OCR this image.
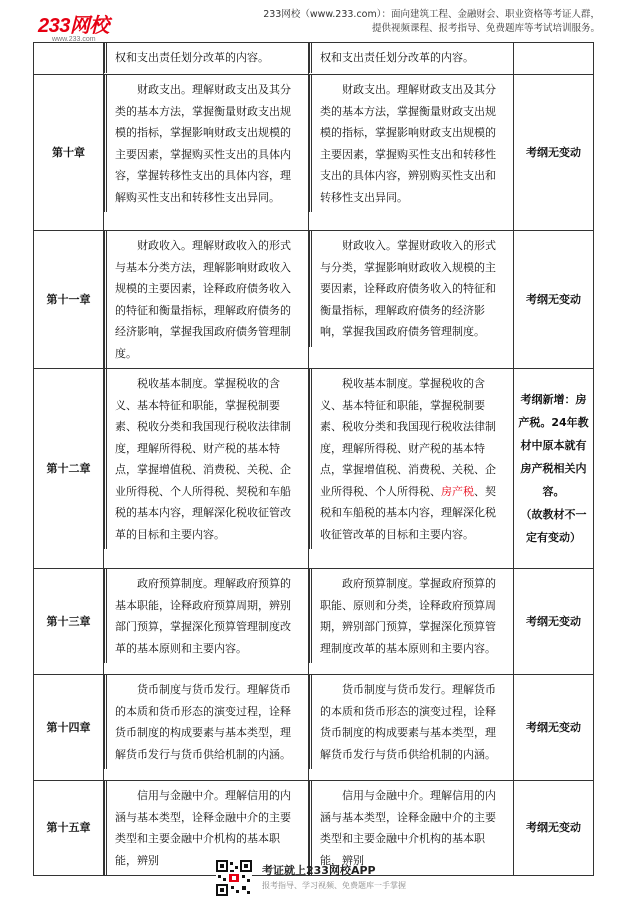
233网校
www.233.com
233网校（www.233.com）：面向建筑工程、金融财会、职业资格等考证人群，
提供视频课程、报考指导、免费题库等考试培训服务。

	权和支出责任划分改革的内容。	权和支出责任划分改革的内容。	

第十章	财政支出。理解财政支出及其分类的基本方法，掌握衡量财政支出规模的指标，掌握影响财政支出规模的主要因素，掌握购买性支出的具体内容，掌握转移性支出的具体内容，理解购买性支出和转移性支出异同。	财政支出。理解财政支出及其分类的基本方法，掌握衡量财政支出规模的指标，掌握影响财政支出规模的主要因素，掌握购买性支出和转移性支出的具体内容，辨别购买性支出和转移性支出异同。	考纲无变动
第十一章	财政收入。理解财政收入的形式与基本分类方法，理解影响财政收入规模的主要因素，诠释政府债务收入的特征和衡量指标，理解政府债务的经济影响，掌握我国政府债务管理制度。	财政收入。掌握财政收入的形式与分类，掌握影响财政收入规模的主要因素，诠释政府债务收入的特征和衡量指标，理解政府债务的经济影响，掌握我国政府债务管理制度。	考纲无变动
第十二章	税收基本制度。掌握税收的含义、基本特征和职能，掌握税制要素、税收分类和我国现行税收法律制度，理解所得税、财产税的基本特点，掌握增值税、消费税、关税、企业所得税、个人所得税、契税和车船税的基本内容，理解深化税收征管改革的目标和主要内容。	税收基本制度。掌握税收的含义、基本特征和职能，掌握税制要素、税收分类和我国现行税收法律制度，理解所得税、财产税的基本特点，掌握增值税、消费税、关税、企业所得税、个人所得税、房产税、契税和车船税的基本内容，理解深化税收征管改革的目标和主要内容。	考纲新增：房产税。24年教材中原本就有房产税相关内容。
（故教材不一定有变动）

第十三章	政府预算制度。理解政府预算的基本职能，诠释政府预算周期，辨别部门预算，掌握深化预算管理制度改革的基本原则和主要内容。	政府预算制度。掌握政府预算的职能、原则和分类，诠释政府预算周期，辨别部门预算，掌握深化预算管理制度改革的基本原则和主要内容。	考纲无变动
第十四章	货币制度与货币发行。理解货币的本质和货币形态的演变过程，诠释货币制度的构成要素与基本类型，理解货币发行与货币供给机制的内涵。	货币制度与货币发行。理解货币的本质和货币形态的演变过程，诠释货币制度的构成要素与基本类型，理解货币发行与货币供给机制的内涵。	考纲无变动
第十五章	信用与金融中介。理解信用的内涵与基本类型，诠释金融中介的主要类型和主要金融中介机构的基本职能，辨别	信用与金融中介。理解信用的内涵与基本类型，诠释金融中介的主要类型和主要金融中介机构的基本职能，辨别	考纲无变动
考证就上233网校APP
报考指导、学习视频、免费题库一手掌握
